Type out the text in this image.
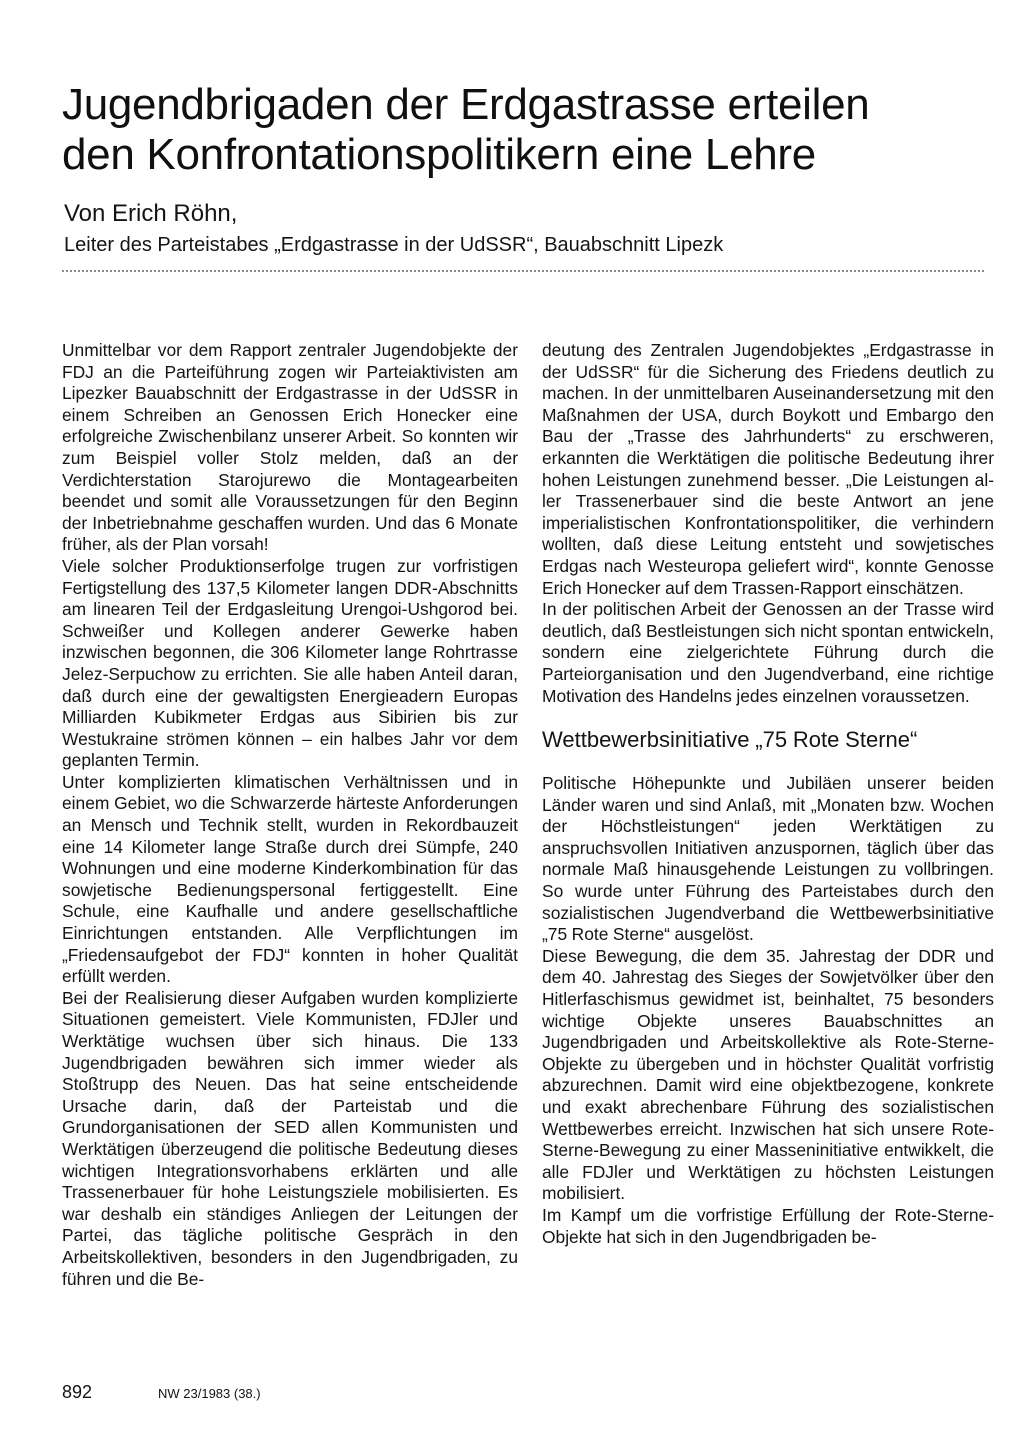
Jugendbrigaden der Erdgastrasse erteilen
den Konfrontationspolitikern eine Lehre
Von Erich Röhn,
Leiter des Parteistabes „Erdgastrasse in der UdSSR“, Bauabschnitt Lipezk

Unmittelbar vor dem Rapport zentraler Jugendobjekte der FDJ an die Parteiführung zogen wir Parteiaktivisten am Lipezker Bauabschnitt der Erdgastrasse in der UdSSR in einem Schreiben an Genossen Erich Honecker eine erfolgreiche Zwischenbilanz unserer Arbeit. So konnten wir zum Beispiel voller Stolz melden, daß an der Verdichterstation Starojurewo die Montagearbeiten beendet und somit alle Voraussetzungen für den Beginn der Inbetriebnahme geschaffen wurden. Und das 6 Monate früher, als der Plan vorsah!

Viele solcher Produktionserfolge trugen zur vorfristigen Fertigstellung des 137,5 Kilometer langen DDR-Abschnitts am linearen Teil der Erdgasleitung Urengoi-Ushgorod bei. Schweißer und Kollegen anderer Gewerke haben inzwischen begonnen, die 306 Kilometer lange Rohrtrasse Jelez-Serpuchow zu errichten. Sie alle haben Anteil daran, daß durch eine der gewaltigsten Energieadern Europas Milliarden Kubikmeter Erdgas aus Sibirien bis zur Westukraine strömen können – ein halbes Jahr vor dem geplanten Termin.

Unter komplizierten klimatischen Verhältnissen und in einem Gebiet, wo die Schwarzerde härteste Anforderungen an Mensch und Technik stellt, wurden in Rekordbauzeit eine 14 Kilometer lange Straße durch drei Sümpfe, 240 Wohnungen und eine moderne Kinderkombination für das sowjetische Bedienungspersonal fertiggestellt. Eine Schule, eine Kaufhalle und andere gesellschaftliche Einrichtungen entstanden. Alle Verpflichtungen im „Friedensaufgebot der FDJ“ konnten in hoher Qualität erfüllt werden.

Bei der Realisierung dieser Aufgaben wurden komplizierte Situationen gemeistert. Viele Kommunisten, FDJler und Werktätige wuchsen über sich hinaus. Die 133 Jugendbrigaden bewähren sich immer wieder als Stoßtrupp des Neuen. Das hat seine entscheidende Ursache darin, daß der Parteistab und die Grundorganisationen der SED allen Kommunisten und Werktätigen überzeugend die politische Bedeutung dieses wichtigen Integrationsvorhabens erklärten und alle Trassenerbauer für hohe Leistungsziele mobilisierten. Es war deshalb ein ständiges Anliegen der Leitungen der Partei, das tägliche politische Gespräch in den Arbeitskollektiven, besonders in den Jugendbrigaden, zu führen und die Be-

deutung des Zentralen Jugendobjektes „Erdgastrasse in der UdSSR“ für die Sicherung des Friedens deutlich zu machen. In der unmittelbaren Auseinandersetzung mit den Maßnahmen der USA, durch Boykott und Embargo den Bau der „Trasse des Jahrhunderts“ zu erschweren, erkannten die Werktätigen die politische Bedeutung ihrer hohen Leistungen zunehmend besser. „Die Leistungen aller Trassenerbauer sind die beste Antwort an jene imperialistischen Konfrontationspolitiker, die verhindern wollten, daß diese Leitung entsteht und sowjetisches Erdgas nach Westeuropa geliefert wird“, konnte Genosse Erich Honecker auf dem Trassen-Rapport einschätzen.

In der politischen Arbeit der Genossen an der Trasse wird deutlich, daß Bestleistungen sich nicht spontan entwickeln, sondern eine zielgerichtete Führung durch die Parteiorganisation und den Jugendverband, eine richtige Motivation des Handelns jedes einzelnen voraussetzen.

Wettbewerbsinitiative „75 Rote Sterne“

Politische Höhepunkte und Jubiläen unserer beiden Länder waren und sind Anlaß, mit „Monaten bzw. Wochen der Höchstleistungen“ jeden Werktätigen zu anspruchsvollen Initiativen anzuspornen, täglich über das normale Maß hinausgehende Leistungen zu vollbringen. So wurde unter Führung des Parteistabes durch den sozialistischen Jugendverband die Wettbewerbsinitiative „75 Rote Sterne“ ausgelöst.

Diese Bewegung, die dem 35. Jahrestag der DDR und dem 40. Jahrestag des Sieges der Sowjetvölker über den Hitlerfaschismus gewidmet ist, beinhaltet, 75 besonders wichtige Objekte unseres Bauabschnittes an Jugendbrigaden und Arbeitskollektive als Rote-Sterne-Objekte zu übergeben und in höchster Qualität vorfristig abzurechnen. Damit wird eine objektbezogene, konkrete und exakt abrechenbare Führung des sozialistischen Wettbewerbes erreicht. Inzwischen hat sich unsere Rote-Sterne-Bewegung zu einer Masseninitiative entwikkelt, die alle FDJler und Werktätigen zu höchsten Leistungen mobilisiert.

Im Kampf um die vorfristige Erfüllung der Rote-Sterne-Objekte hat sich in den Jugendbrigaden be-

892	NW 23/1983 (38.)
